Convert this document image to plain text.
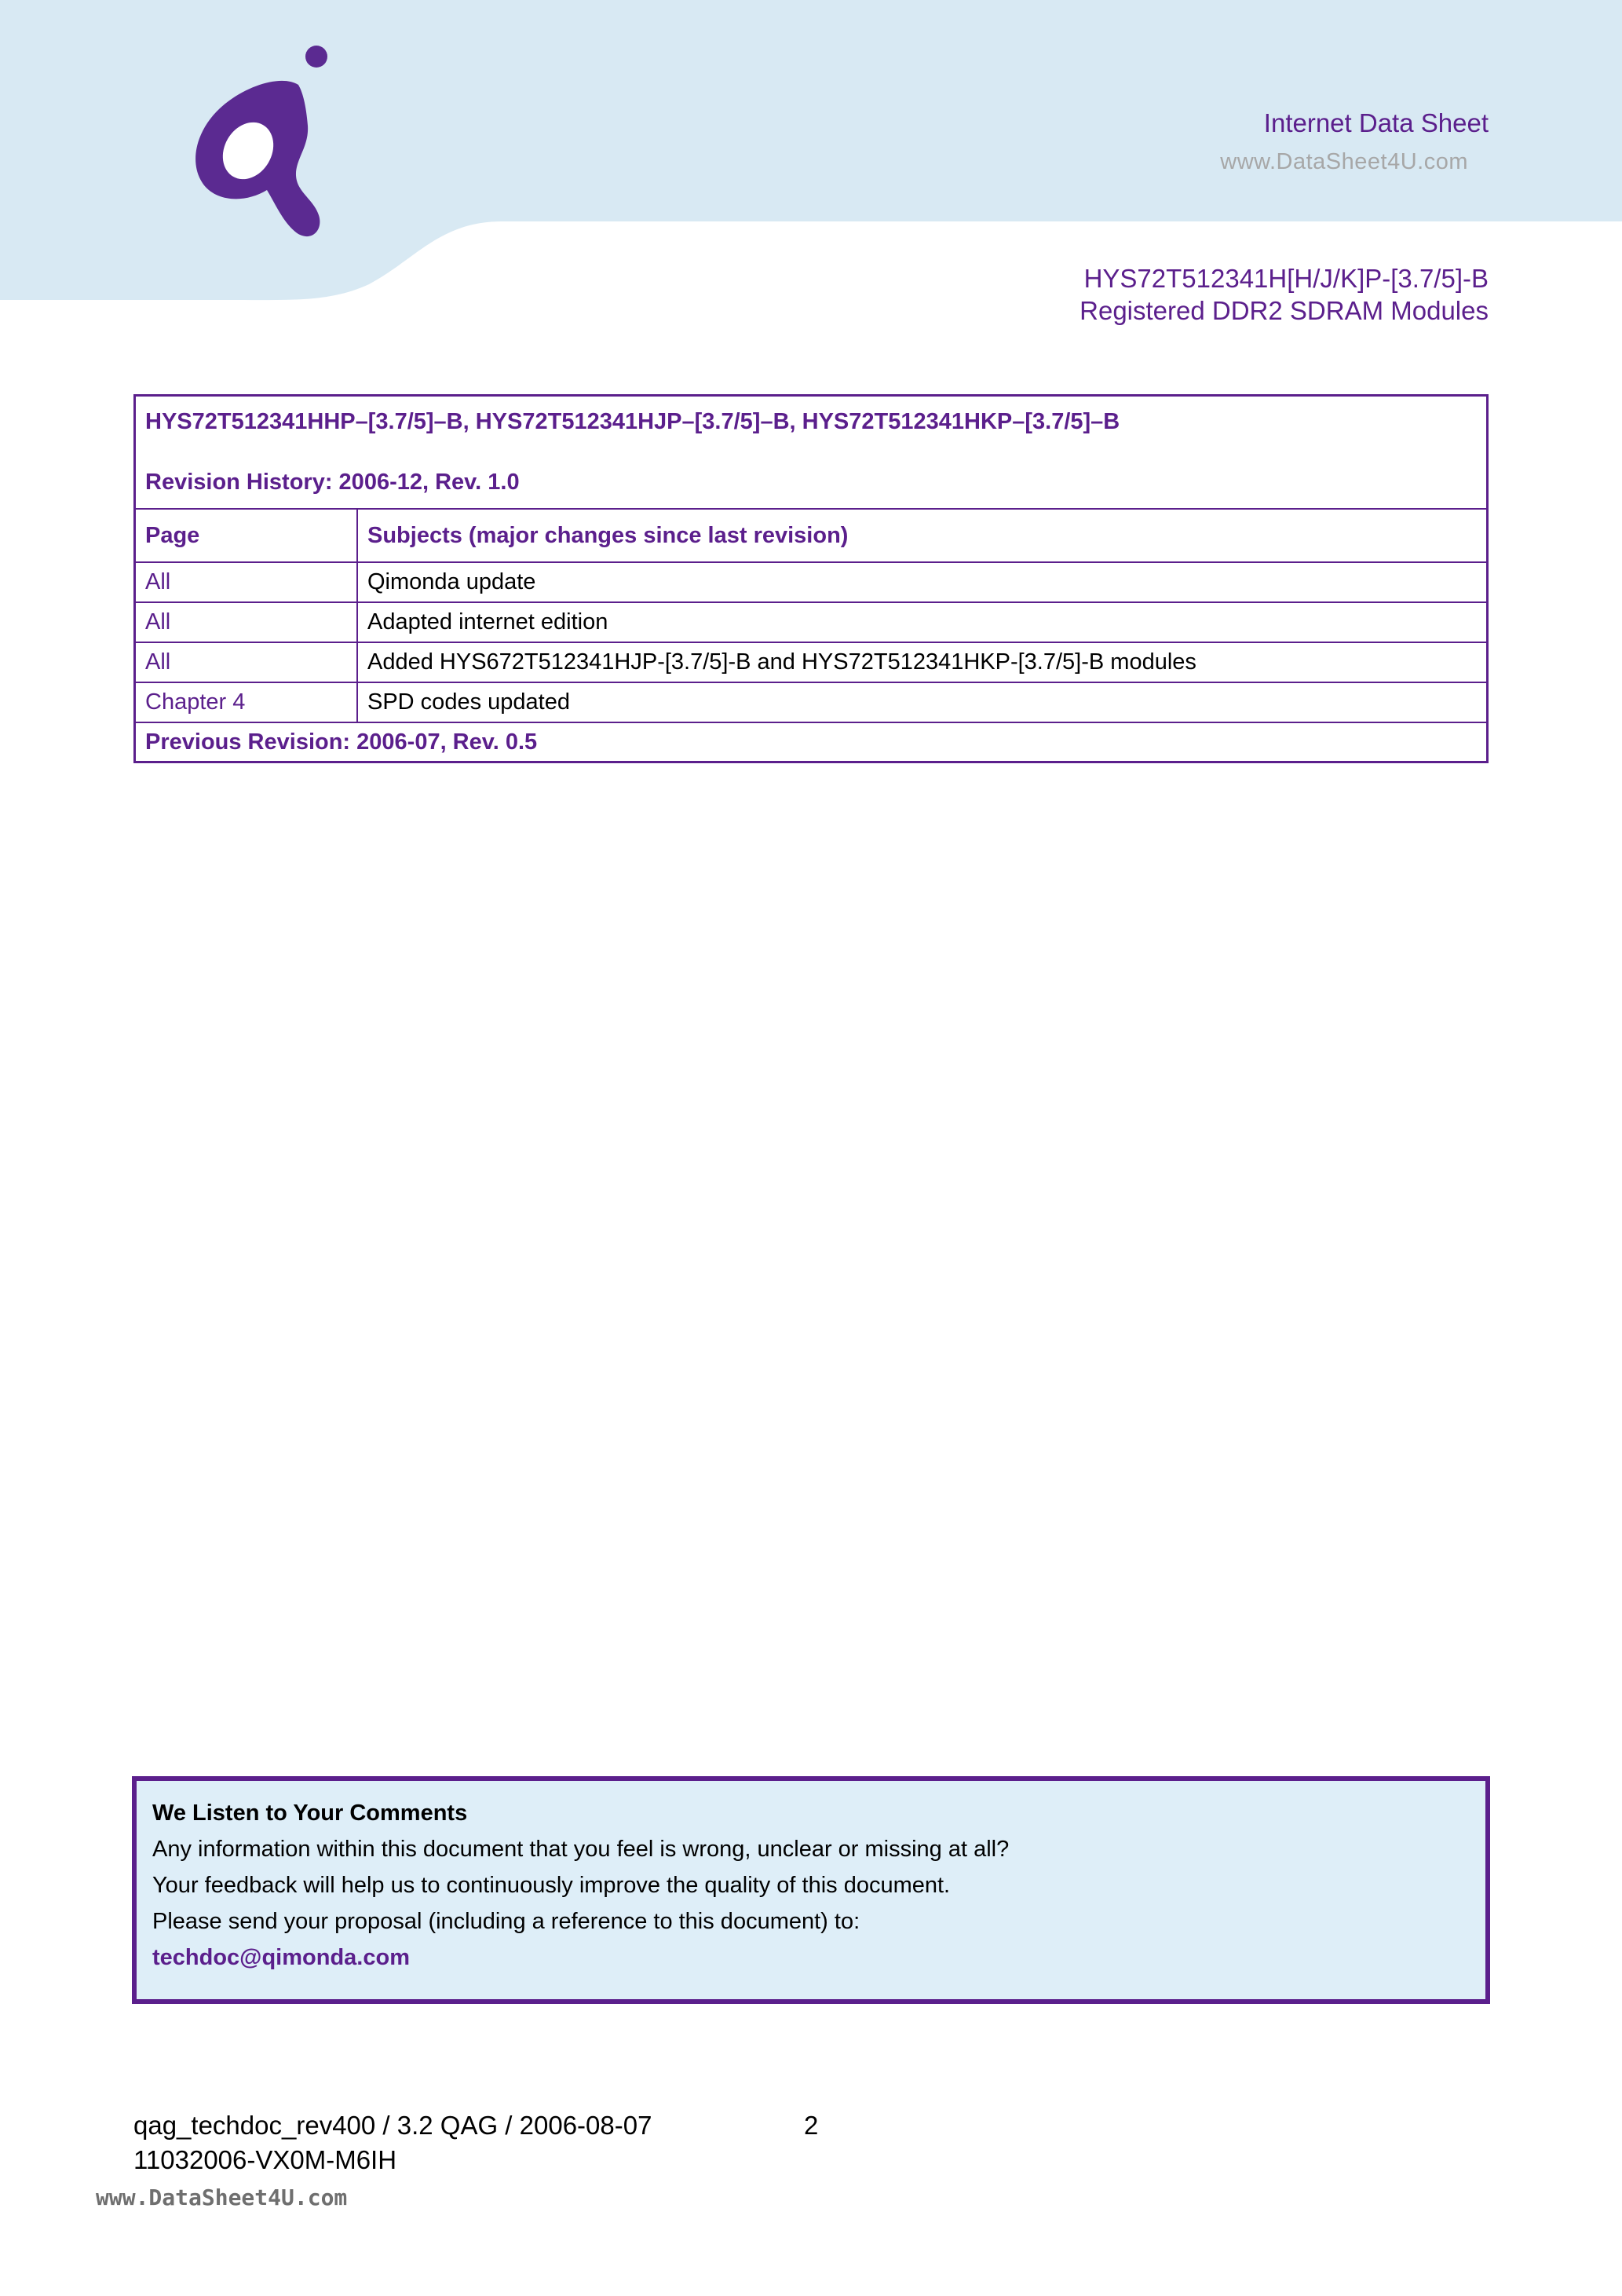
Internet Data Sheet
www.DataSheet4U.com
HYS72T512341H[H/J/K]P-[3.7/5]-B
Registered DDR2 SDRAM Modules
HYS72T512341HHP–[3.7/5]–B, HYS72T512341HJP–[3.7/5]–B, HYS72T512341HKP–[3.7/5]–B
Revision History: 2006-12, Rev. 1.0
Page	Subjects (major changes since last revision)
All	Qimonda update
All	Adapted internet edition
All	Added HYS672T512341HJP-[3.7/5]-B and HYS72T512341HKP-[3.7/5]-B modules
Chapter 4	SPD codes updated
Previous Revision: 2006-07, Rev. 0.5
We Listen to Your Comments
Any information within this document that you feel is wrong, unclear or missing at all?
Your feedback will help us to continuously improve the quality of this document.
Please send your proposal (including a reference to this document) to:
techdoc@qimonda.com
qag_techdoc_rev400 / 3.2 QAG / 2006-08-07	2
11032006-VX0M-M6IH
www.DataSheet4U.com
